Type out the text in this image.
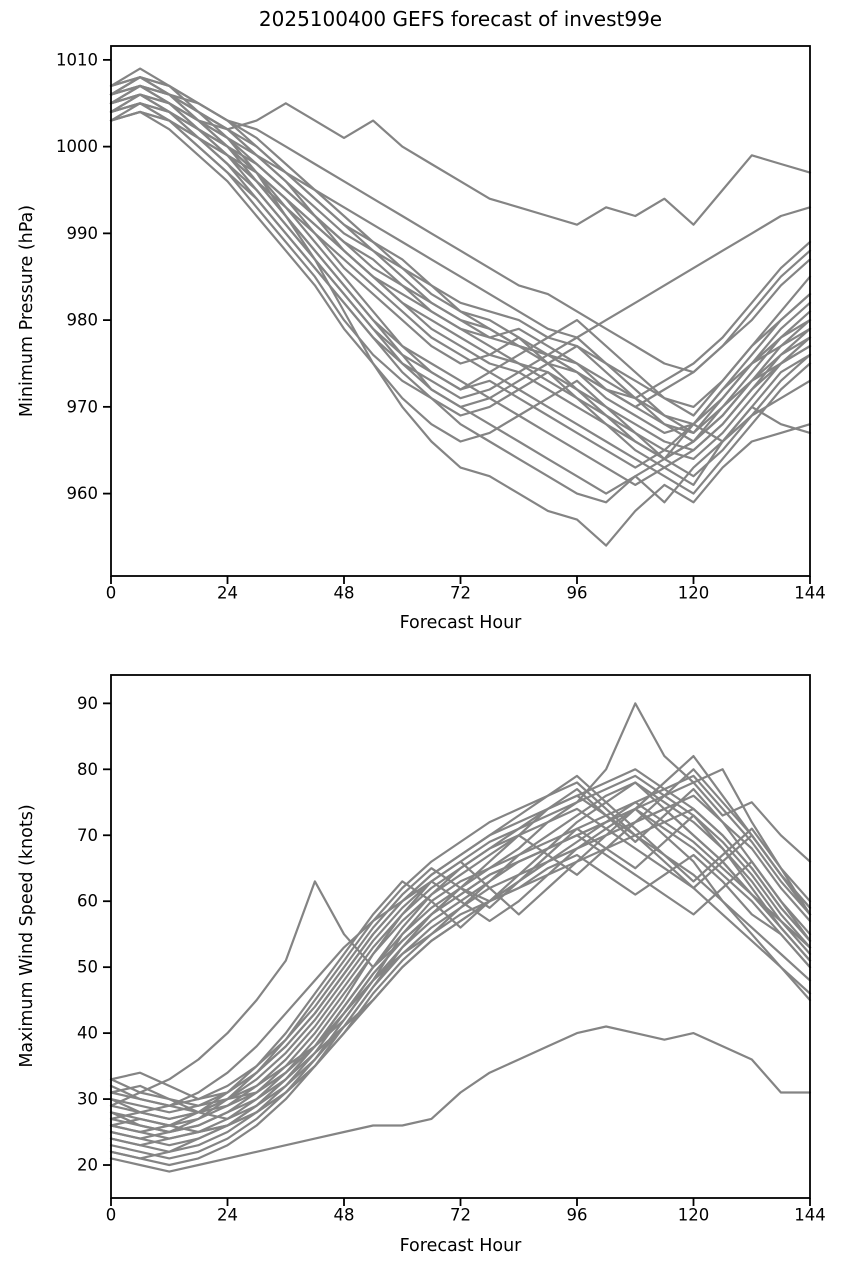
2025100400 GEFS forecast of invest99e
0	24	48	72	96	120	144
960
970
980
990
1000
1010
0	24	48	72	96	120	144
20
30
40
50
60
70
80
90
Forecast Hour
Minimum Pressure (hPa)
Forecast Hour
Maximum Wind Speed (knots)
